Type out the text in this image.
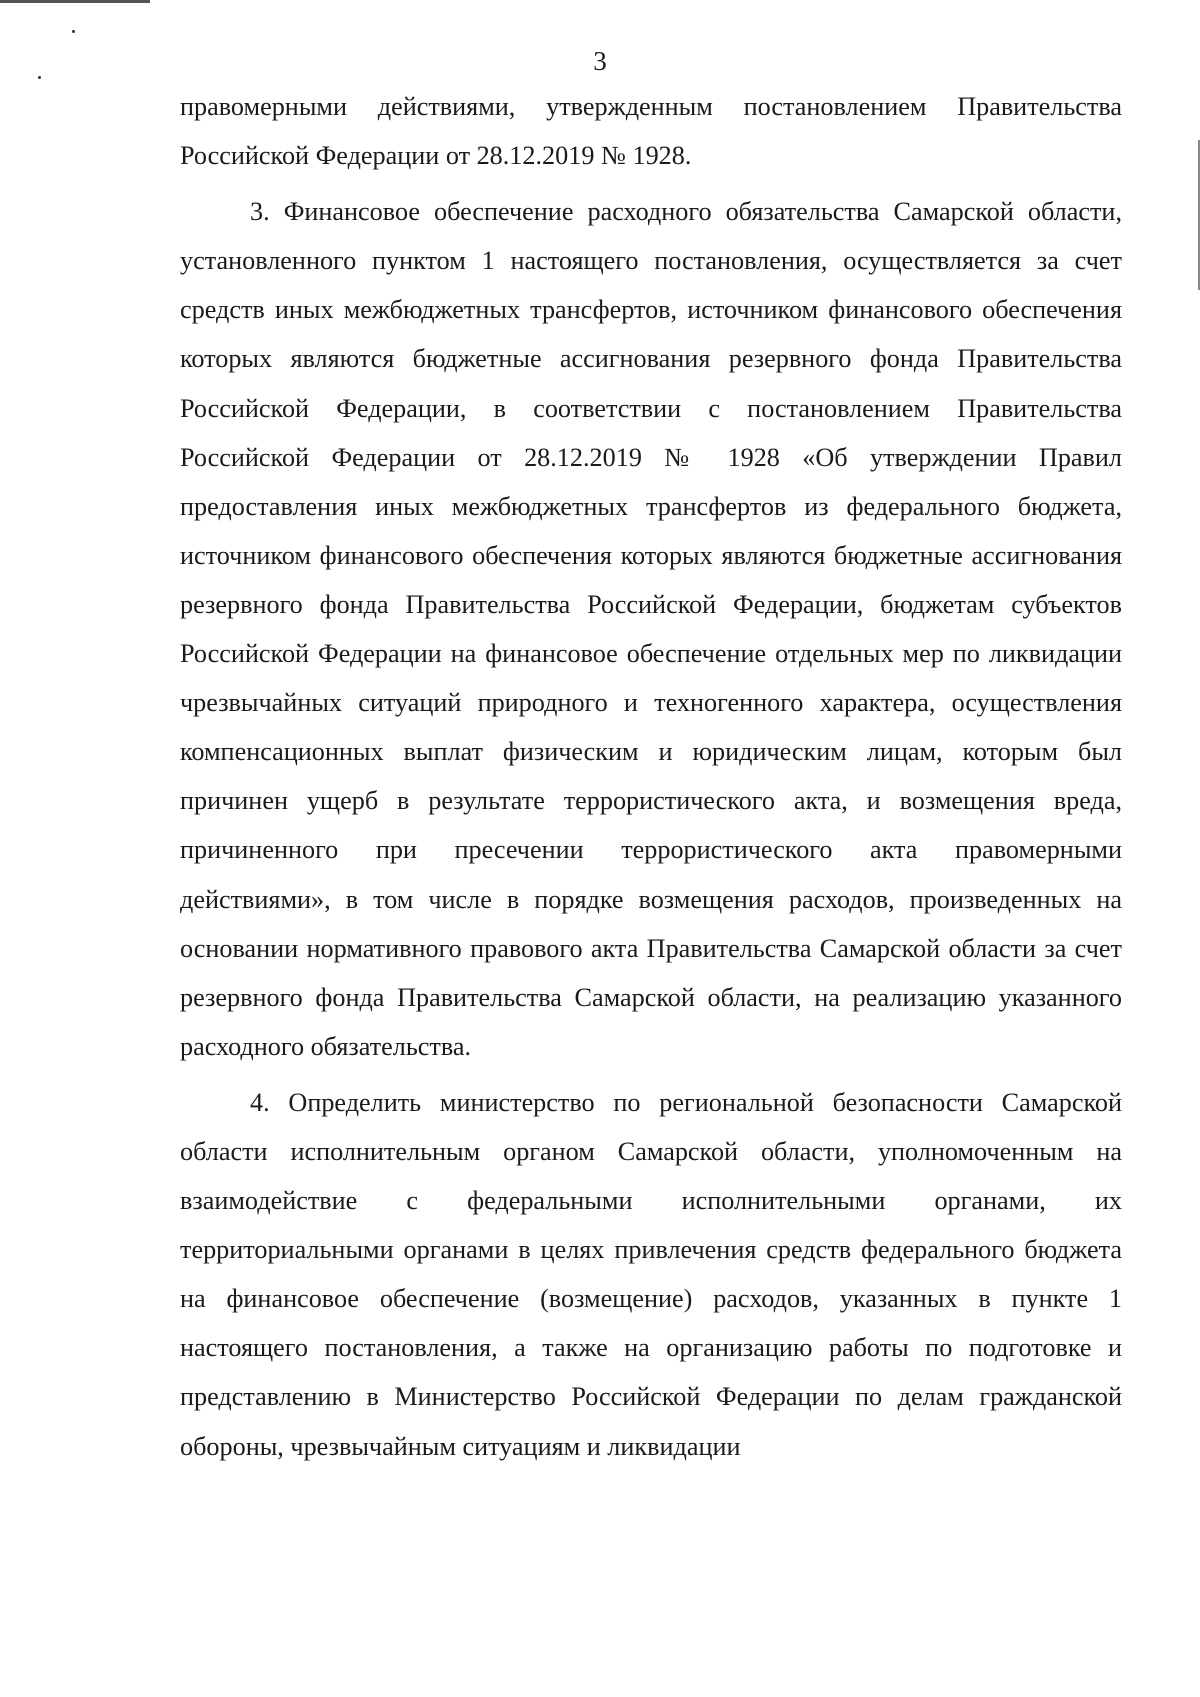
3

правомерными действиями, утвержденным постановлением Правительства Российской Федерации от 28.12.2019 № 1928.

3. Финансовое обеспечение расходного обязательства Самарской области, установленного пунктом 1 настоящего постановления, осуществляется за счет средств иных межбюджетных трансфертов, источником финансового обеспечения которых являются бюджетные ассигнования резервного фонда Правительства Российской Федерации, в соответствии с постановлением Правительства Российской Федерации от 28.12.2019 № 1928 «Об утверждении Правил предоставления иных межбюджетных трансфертов из федерального бюджета, источником финансового обеспечения которых являются бюджетные ассигнования резервного фонда Правительства Российской Федерации, бюджетам субъектов Российской Федерации на финансовое обеспечение отдельных мер по ликвидации чрезвычайных ситуаций природного и техногенного характера, осуществления компенсационных выплат физическим и юридическим лицам, которым был причинен ущерб в результате террористического акта, и возмещения вреда, причиненного при пресечении террористического акта правомерными действиями», в том числе в порядке возмещения расходов, произведенных на основании нормативного правового акта Правительства Самарской области за счет резервного фонда Правительства Самарской области, на реализацию указанного расходного обязательства.

4. Определить министерство по региональной безопасности Самарской области исполнительным органом Самарской области, уполномоченным на взаимодействие с федеральными исполнительными органами, их территориальными органами в целях привлечения средств федерального бюджета на финансовое обеспечение (возмещение) расходов, указанных в пункте 1 настоящего постановления, а также на организацию работы по подготовке и представлению в Министерство Российской Федерации по делам гражданской обороны, чрезвычайным ситуациям и ликвидации
